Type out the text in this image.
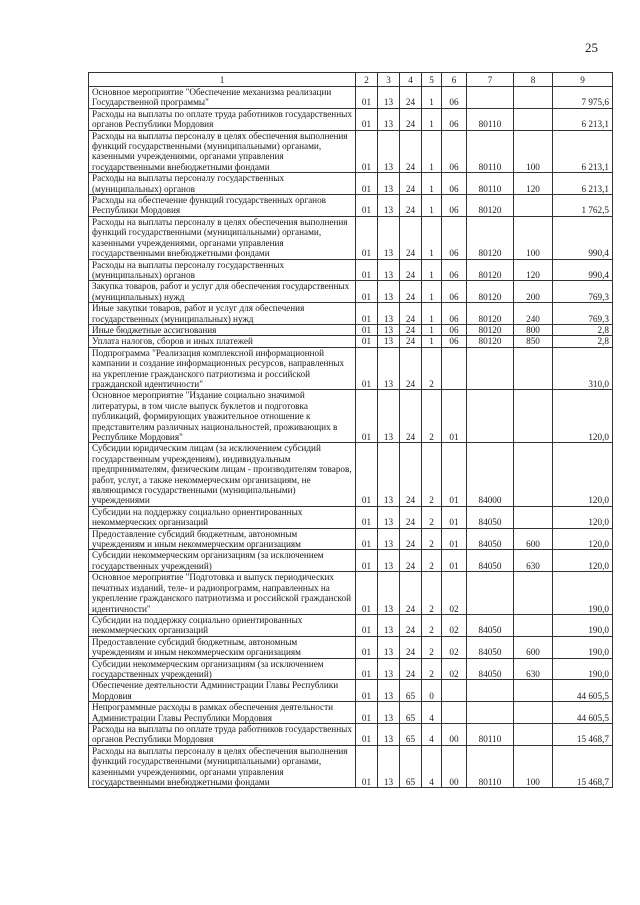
25
1	2	3	4	5	6	7	8	9
Основное мероприятие "Обеспечение механизма реализации Государственной программы"	01	13	24	1	06			7 975,6
Расходы на выплаты по оплате труда работников государственных органов Республики Мордовия	01	13	24	1	06	80110		6 213,1
Расходы на выплаты персоналу в целях обеспечения выполнения функций государственными (муниципальными) органами, казенными учреждениями, органами управления государственными внебюджетными фондами	01	13	24	1	06	80110	100	6 213,1
Расходы на выплаты персоналу государственных (муниципальных) органов	01	13	24	1	06	80110	120	6 213,1
Расходы на обеспечение функций государственных органов Республики Мордовия	01	13	24	1	06	80120		1 762,5
Расходы на выплаты персоналу в целях обеспечения выполнения функций государственными (муниципальными) органами, казенными учреждениями, органами управления государственными внебюджетными фондами	01	13	24	1	06	80120	100	990,4
Расходы на выплаты персоналу государственных (муниципальных) органов	01	13	24	1	06	80120	120	990,4
Закупка товаров, работ и услуг для обеспечения государственных (муниципальных) нужд	01	13	24	1	06	80120	200	769,3
Иные закупки товаров, работ и услуг для обеспечения государственных (муниципальных) нужд	01	13	24	1	06	80120	240	769,3
Иные бюджетные ассигнования	01	13	24	1	06	80120	800	2,8
Уплата налогов, сборов и иных платежей	01	13	24	1	06	80120	850	2,8
Подпрограмма "Реализация комплексной информационной кампании и создание информационных ресурсов, направленных на укрепление гражданского патриотизма и российской гражданской идентичности"	01	13	24	2				310,0
Основное мероприятие "Издание социально значимой литературы, в том числе выпуск буклетов и подготовка публикаций, формирующих уважительное отношение к представителям различных национальностей, проживающих в Республике Мордовия"	01	13	24	2	01			120,0
Субсидии юридическим лицам (за исключением субсидий государственным учреждениям), индивидуальным предпринимателям, физическим лицам - производителям товаров, работ, услуг, а также некоммерческим организациям, не являющимся государственными (муниципальными) учреждениями	01	13	24	2	01	84000		120,0
Субсидии на поддержку социально ориентированных некоммерческих организаций	01	13	24	2	01	84050		120,0
Предоставление субсидий бюджетным, автономным учреждениям и иным некоммерческим организациям	01	13	24	2	01	84050	600	120,0
Субсидии некоммерческим организациям (за исключением государственных учреждений)	01	13	24	2	01	84050	630	120,0
Основное мероприятие "Подготовка и выпуск периодических печатных изданий, теле- и радиопрограмм, направленных на укрепление гражданского патриотизма и российской гражданской идентичности"	01	13	24	2	02			190,0
Субсидии на поддержку социально ориентированных некоммерческих организаций	01	13	24	2	02	84050		190,0
Предоставление субсидий бюджетным, автономным учреждениям и иным некоммерческим организациям	01	13	24	2	02	84050	600	190,0
Субсидии некоммерческим организациям (за исключением государственных учреждений)	01	13	24	2	02	84050	630	190,0
Обеспечение деятельности Администрации Главы Республики Мордовия	01	13	65	0				44 605,5
Непрограммные расходы в рамках обеспечения деятельности Администрации Главы Республики Мордовия	01	13	65	4				44 605,5
Расходы на выплаты по оплате труда работников государственных органов Республики Мордовия	01	13	65	4	00	80110		15 468,7
Расходы на выплаты персоналу в целях обеспечения выполнения функций государственными (муниципальными) органами, казенными учреждениями, органами управления государственными внебюджетными фондами	01	13	65	4	00	80110	100	15 468,7
